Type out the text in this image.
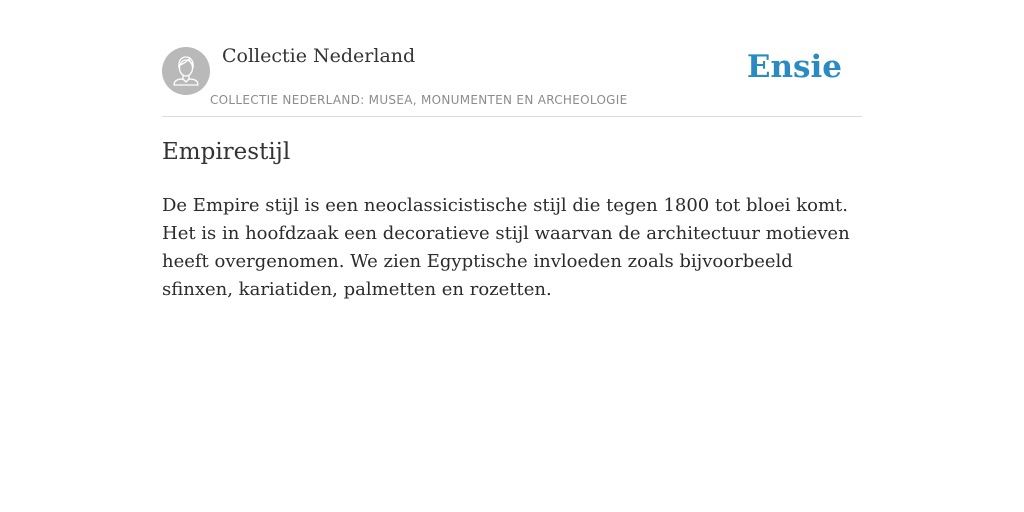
Collectie Nederland
COLLECTIE NEDERLAND: MUSEA, MONUMENTEN EN ARCHEOLOGIE
Ensie
Empirestijl

De Empire stijl is een neoclassicistische stijl die tegen 1800 tot bloei komt. Het is in hoofdzaak een decoratieve stijl waarvan de architectuur motieven heeft overgenomen. We zien Egyptische invloeden zoals bijvoorbeeld sfinxen, kariatiden, palmetten en rozetten.
